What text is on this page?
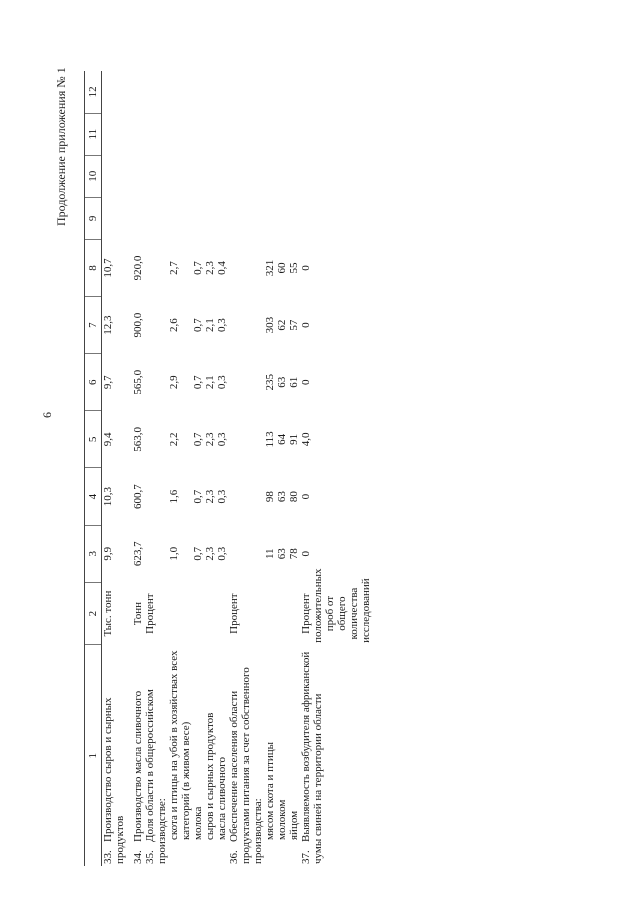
6
Продолжение приложения № 1
1	2	3	4	5	6	7	8	9	10	11	12
33.Производство сыров и сырных продуктов	Тыс. тонн	9,9	10,3	9,4	9,7	12,3	10,7				

34.Производство масла сливочного	Тонн	623,7	600,7	563,0	565,0	900,0	920,0				
35.Доля области в общероссийском производстве:	Процент										

скота и птицы на убой в хозяйствах всех категорий (в живом весе)		1,0	1,6	2,2	2,9	2,6	2,7				

молока		0,7	0,7	0,7	0,7	0,7	0,7				

сыров и сырных продуктов		2,3	2,3	2,3	2,1	2,1	2,3				

масла сливочного		0,3	0,3	0,3	0,3	0,3	0,4				
36.Обеспечение населения области продуктами питания за счет собственного производства:	Процент										

мясом скота и птицы		11	98	113	235	303	321				

молоком		63	63	64	63	62	60				

яйцом		78	80	91	61	57	55				
37.Выявляемость возбудителя африканской чумы свиней на территории области	Процент положительных проб от общего количества исследований	0	0	4,0	0	0	0				
